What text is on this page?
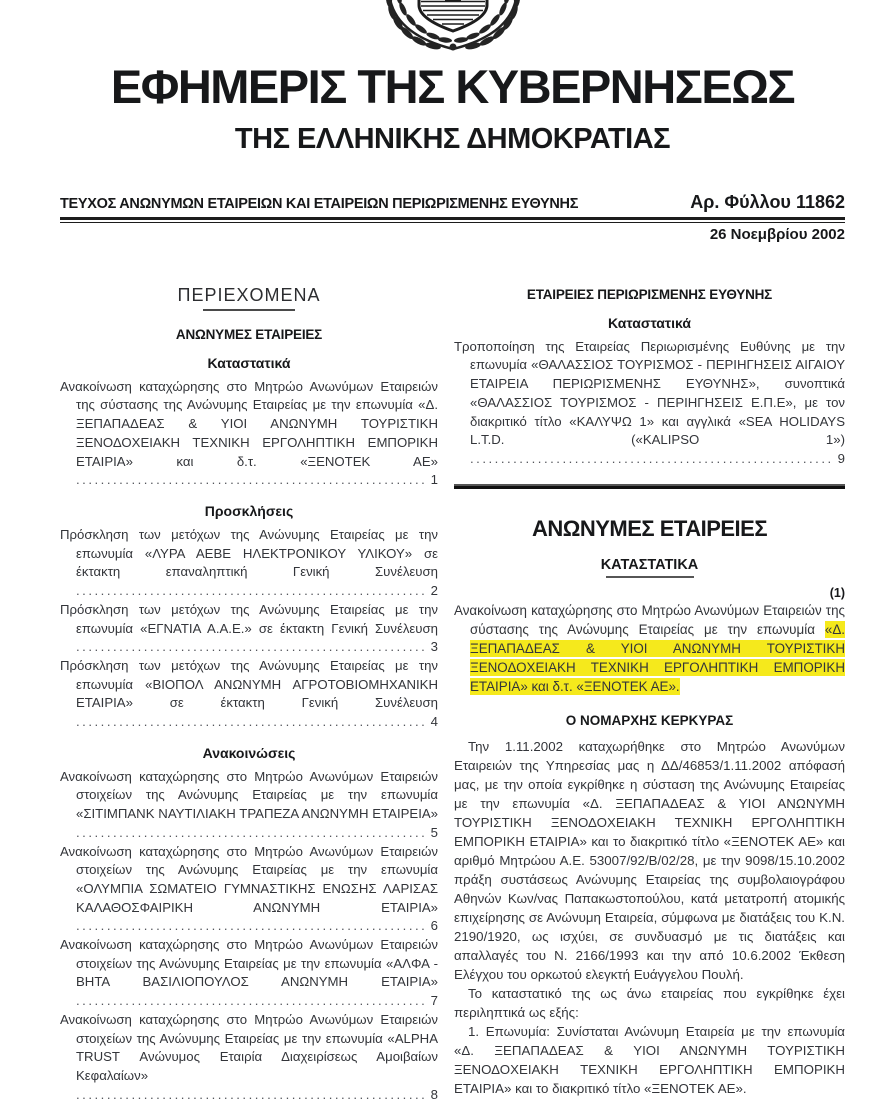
ΕΦΗΜΕΡΙΣ ΤΗΣ ΚΥΒΕΡΝΗΣΕΩΣ
ΤΗΣ ΕΛΛΗΝΙΚΗΣ ΔΗΜΟΚΡΑΤΙΑΣ
ΤΕΥΧΟΣ ΑΝΩΝΥΜΩΝ ΕΤΑΙΡΕΙΩΝ ΚΑΙ ΕΤΑΙΡΕΙΩΝ ΠΕΡΙΩΡΙΣΜΕΝΗΣ ΕΥΘΥΝΗΣ	Αρ. Φύλλου 11862
26 Νοεμβρίου 2002
ΠΕΡΙΕΧΟΜΕΝΑ
ΑΝΩΝΥΜΕΣ ΕΤΑΙΡΕΙΕΣ
Καταστατικά
Ανακοίνωση καταχώρησης στο Μητρώο Ανωνύμων Εταιρειών της σύστασης της Ανώνυμης Εταιρείας με την επωνυμία «Δ. ΞΕΠΑΠΑΔΕΑΣ & ΥΙΟΙ ΑΝΩΝΥΜΗ ΤΟΥΡΙΣΤΙΚΗ ΞΕΝΟΔΟΧΕΙΑΚΗ ΤΕΧΝΙΚΗ ΕΡΓΟΛΗΠΤΙΚΗ ΕΜΠΟΡΙΚΗ ΕΤΑΙΡΙΑ» και δ.τ. «ΞΕΝΟΤΕΚ ΑΕ» .....
1
Προσκλήσεις
Πρόσκληση των μετόχων της Ανώνυμης Εταιρείας με την επωνυμία «ΛΥΡΑ ΑΕΒΕ ΗΛΕΚΤΡΟΝΙΚΟΥ ΥΛΙΚΟΥ» σε έκτακτη επαναληπτική Γενική Συνέλευση .....
2
Πρόσκληση των μετόχων της Ανώνυμης Εταιρείας με την επωνυμία «ΕΓΝΑΤΙΑ Α.Α.Ε.» σε έκτακτη Γενική Συνέλευση .....
3
Πρόσκληση των μετόχων της Ανώνυμης Εταιρείας με την επωνυμία «ΒΙΟΠΟΛ ΑΝΩΝΥΜΗ ΑΓΡΟΤΟΒΙΟΜΗΧΑΝΙΚΗ ΕΤΑΙΡΙΑ» σε έκτακτη Γενική Συνέλευση .....
4
Ανακοινώσεις
Ανακοίνωση καταχώρησης στο Μητρώο Ανωνύμων Εταιρειών στοιχείων της Ανώνυμης Εταιρείας με την επωνυμία «ΣΙΤΙΜΠΑΝΚ ΝΑΥΤΙΛΙΑΚΗ ΤΡΑΠΕΖΑ ΑΝΩΝΥΜΗ ΕΤΑΙΡΕΙΑ» .....
5
Ανακοίνωση καταχώρησης στο Μητρώο Ανωνύμων Εταιρειών στοιχείων της Ανώνυμης Εταιρείας με την επωνυμία «ΟΛΥΜΠΙΑ ΣΩΜΑΤΕΙΟ ΓΥΜΝΑΣΤΙΚΗΣ ΕΝΩΣΗΣ ΛΑΡΙΣΑΣ ΚΑΛΑΘΟΣΦΑΙΡΙΚΗ ΑΝΩΝΥΜΗ ΕΤΑΙΡΙΑ» .....
6
Ανακοίνωση καταχώρησης στο Μητρώο Ανωνύμων Εταιρειών στοιχείων της Ανώνυμης Εταιρείας με την επωνυμία «ΑΛΦΑ - ΒΗΤΑ ΒΑΣΙΛΙΟΠΟΥΛΟΣ ΑΝΩΝΥΜΗ ΕΤΑΙΡΙΑ» .....
7
Ανακοίνωση καταχώρησης στο Μητρώο Ανωνύμων Εταιρειών στοιχείων της Ανώνυμης Εταιρείας με την επωνυμία «ALPHA TRUST Ανώνυμος Εταιρία Διαχειρίσεως Αμοιβαίων Κεφαλαίων» .....
8
ΕΤΑΙΡΕΙΕΣ ΠΕΡΙΩΡΙΣΜΕΝΗΣ ΕΥΘΥΝΗΣ
Καταστατικά
Τροποποίηση της Εταιρείας Περιωρισμένης Ευθύνης με την επωνυμία «ΘΑΛΑΣΣΙΟΣ ΤΟΥΡΙΣΜΟΣ - ΠΕΡΙΗΓΗΣΕΙΣ ΑΙΓΑΙΟΥ ΕΤΑΙΡΕΙΑ ΠΕΡΙΩΡΙΣΜΕΝΗΣ ΕΥΘΥΝΗΣ», συνοπτικά «ΘΑΛΑΣΣΙΟΣ ΤΟΥΡΙΣΜΟΣ - ΠΕΡΙΗΓΗΣΕΙΣ Ε.Π.Ε», με τον διακριτικό τίτλο «ΚΑΛΥΨΩ 1» και αγγλικά «SEA HOLIDAYS L.T.D. («KALIPSO 1») .....
9
ΑΝΩΝΥΜΕΣ ΕΤΑΙΡΕΙΕΣ
ΚΑΤΑΣΤΑΤΙΚΑ
(1)

Ανακοίνωση καταχώρησης στο Μητρώο Ανωνύμων Εταιρειών της σύστασης της Ανώνυμης Εταιρείας με την επωνυμία «Δ. ΞΕΠΑΠΑΔΕΑΣ & ΥΙΟΙ ΑΝΩΝΥΜΗ ΤΟΥΡΙΣΤΙΚΗ ΞΕΝΟΔΟΧΕΙΑΚΗ ΤΕΧΝΙΚΗ ΕΡΓΟΛΗΠΤΙΚΗ ΕΜΠΟΡΙΚΗ ΕΤΑΙΡΙΑ» και δ.τ. «ΞΕΝΟΤΕΚ ΑΕ».

Ο ΝΟΜΑΡΧΗΣ ΚΕΡΚΥΡΑΣ

Την 1.11.2002 καταχωρήθηκε στο Μητρώο Ανωνύμων Εταιρειών της Υπηρεσίας μας η ΔΔ/46853/1.11.2002 απόφασή μας, με την οποία εγκρίθηκε η σύσταση της Ανώνυμης Εταιρείας με την επωνυμία «Δ. ΞΕΠΑΠΑΔΕΑΣ & ΥΙΟΙ ΑΝΩΝΥΜΗ ΤΟΥΡΙΣΤΙΚΗ ΞΕΝΟΔΟΧΕΙΑΚΗ ΤΕΧΝΙΚΗ ΕΡΓΟΛΗΠΤΙΚΗ ΕΜΠΟΡΙΚΗ ΕΤΑΙΡΙΑ» και το διακριτικό τίτλο «ΞΕΝΟΤΕΚ ΑΕ» και αριθμό Μητρώου Α.Ε. 53007/92/Β/02/28, με την 9098/15.10.2002 πράξη συστάσεως Ανώνυμης Εταιρείας της συμβολαιογράφου Αθηνών Κων/νας Παπακωστοπούλου, κατά μετατροπή ατομικής επιχείρησης σε Ανώνυμη Εταιρεία, σύμφωνα με διατάξεις του Κ.Ν. 2190/1920, ως ισχύει, σε συνδυασμό με τις διατάξεις και απαλλαγές του Ν. 2166/1993 και την από 10.6.2002 Έκθεση Ελέγχου του ορκωτού ελεγκτή Ευάγγελου Πουλή.

Το καταστατικό της ως άνω εταιρείας που εγκρίθηκε έχει περιληπτικά ως εξής:

1. Επωνυμία: Συνίσταται Ανώνυμη Εταιρεία με την επωνυμία «Δ. ΞΕΠΑΠΑΔΕΑΣ & ΥΙΟΙ ΑΝΩΝΥΜΗ ΤΟΥΡΙΣΤΙΚΗ ΞΕΝΟΔΟΧΕΙΑΚΗ ΤΕΧΝΙΚΗ ΕΡΓΟΛΗΠΤΙΚΗ ΕΜΠΟΡΙΚΗ ΕΤΑΙΡΙΑ» και το διακριτικό τίτλο «ΞΕΝΟΤΕΚ ΑΕ».
